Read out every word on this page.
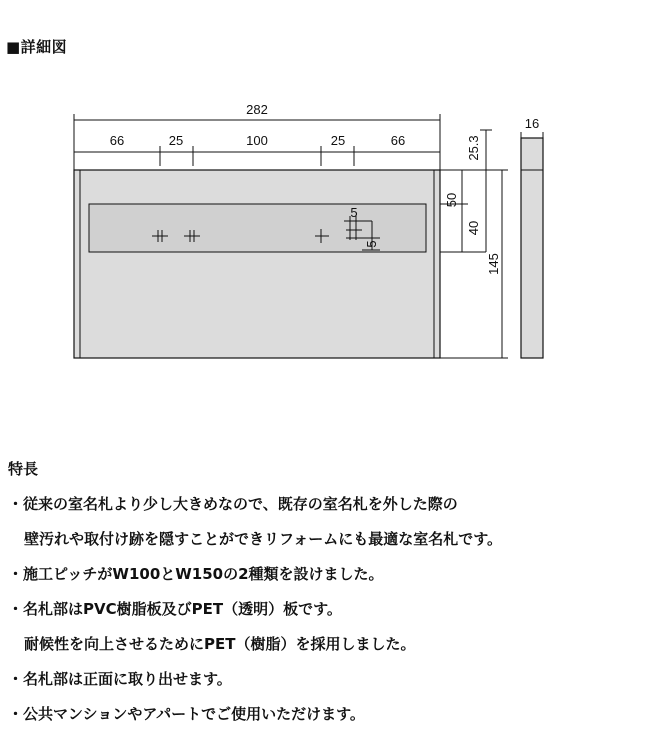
■詳細図
282
66	25	100	25	66
5
5
25.3
50
40
145
16
特長
・従来の室名札より少し大きめなので、既存の室名札を外した際の
壁汚れや取付け跡を隠すことができリフォームにも最適な室名札です。
・施工ピッチがW100とW150の2種類を設けました。
・名札部はPVC樹脂板及びPET（透明）板です。
耐候性を向上させるためにPET（樹脂）を採用しました。
・名札部は正面に取り出せます。
・公共マンションやアパートでご使用いただけます。
